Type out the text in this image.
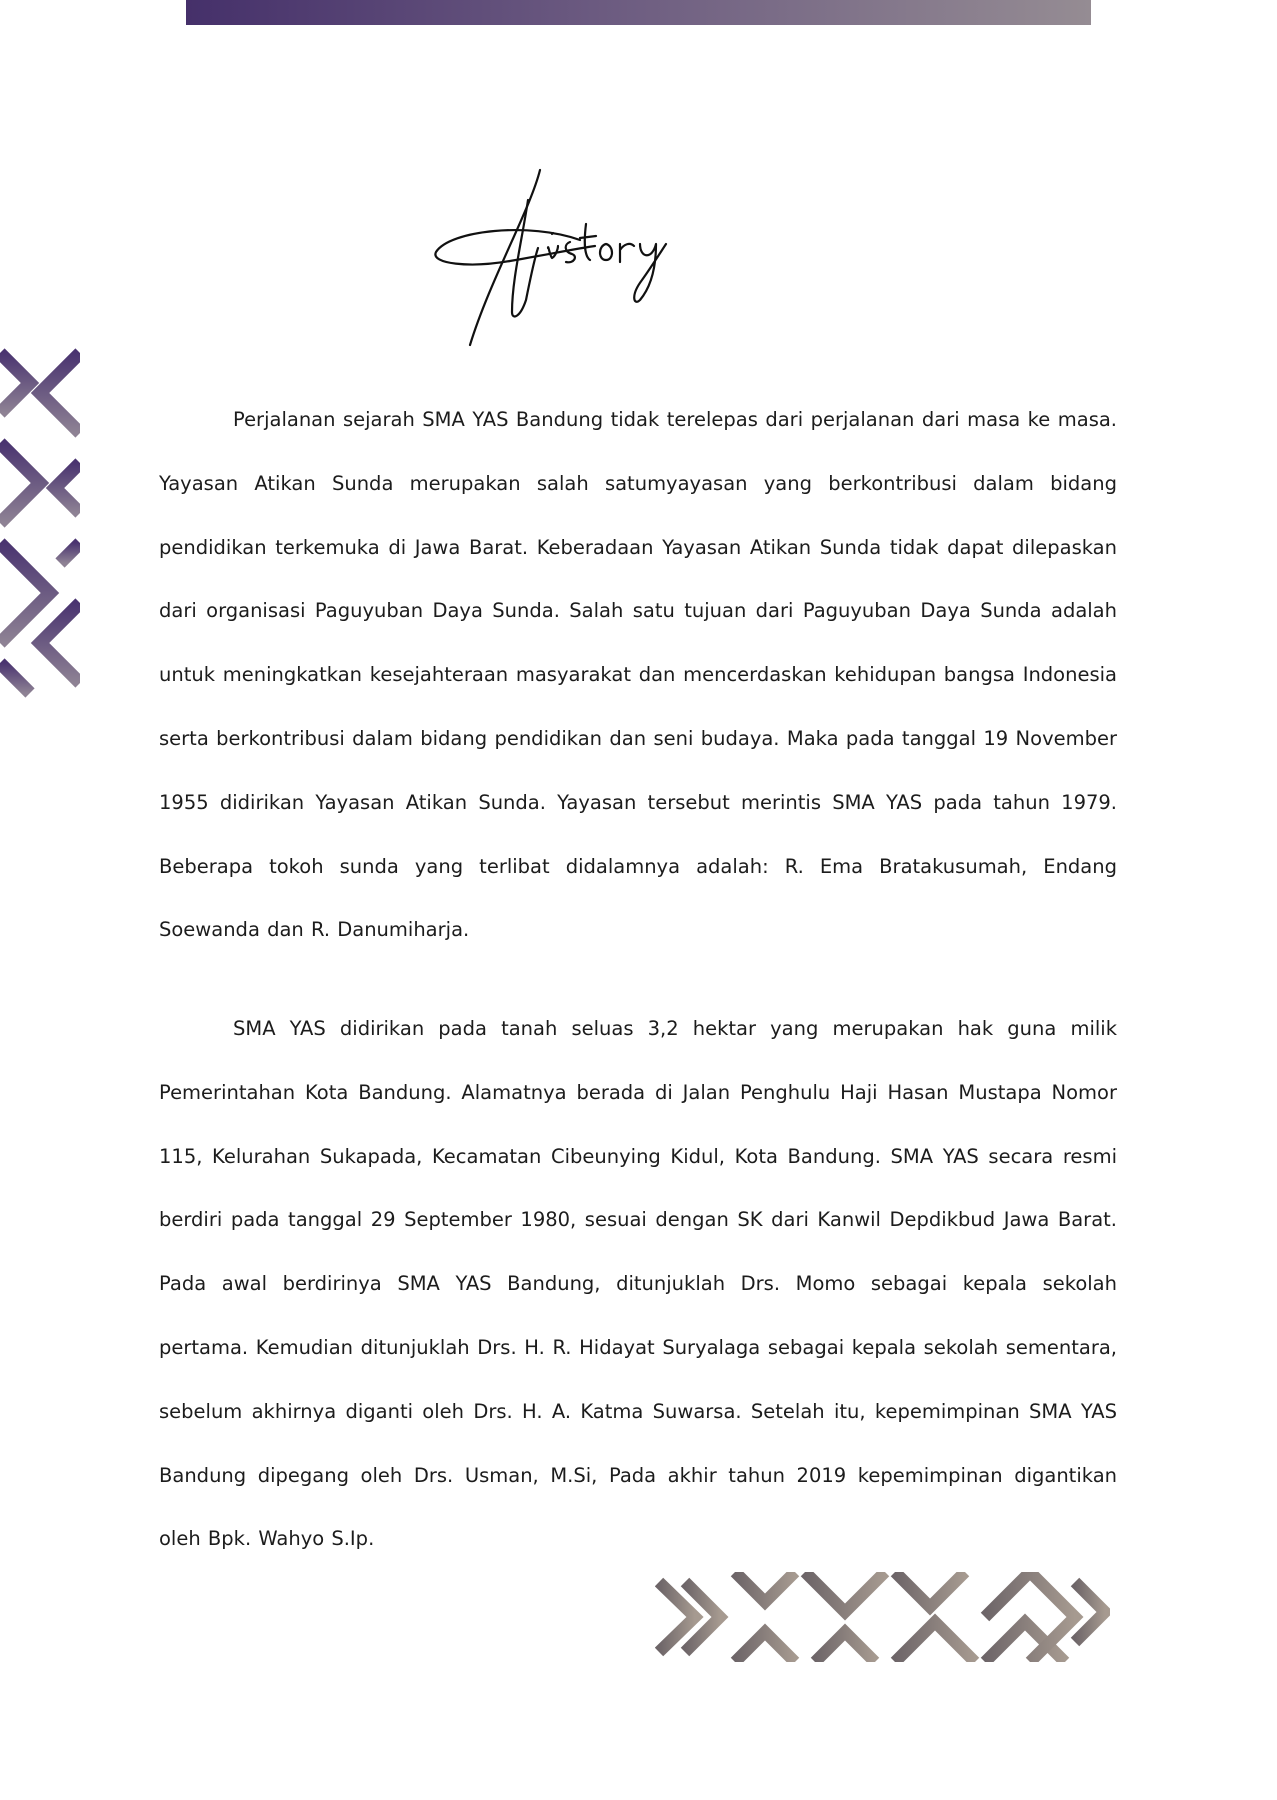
Perjalanan sejarah SMA YAS Bandung tidak terelepas dari perjalanan dari masa ke masa. Yayasan Atikan Sunda merupakan salah satumyayasan yang berkontribusi dalam bidang pendidikan terkemuka di Jawa Barat. Keberadaan Yayasan Atikan Sunda tidak dapat dilepaskan dari organisasi Paguyuban Daya Sunda. Salah satu tujuan dari Paguyuban Daya Sunda adalah untuk meningkatkan kesejahteraan masyarakat dan mencerdaskan kehidupan bangsa Indonesia serta berkontribusi dalam bidang pendidikan dan seni budaya. Maka pada tanggal 19 November 1955 didirikan Yayasan Atikan Sunda. Yayasan tersebut merintis SMA YAS pada tahun 1979. Beberapa tokoh sunda yang terlibat didalamnya adalah: R. Ema Bratakusumah, Endang Soewanda dan R. Danumiharja.

SMA YAS didirikan pada tanah seluas 3,2 hektar yang merupakan hak guna milik Pemerintahan Kota Bandung. Alamatnya berada di Jalan Penghulu Haji Hasan Mustapa Nomor 115, Kelurahan Sukapada, Kecamatan Cibeunying Kidul, Kota Bandung. SMA YAS secara resmi berdiri pada tanggal 29 September 1980, sesuai dengan SK dari Kanwil Depdikbud Jawa Barat. Pada awal berdirinya SMA YAS Bandung, ditunjuklah Drs. Momo sebagai kepala sekolah pertama. Kemudian ditunjuklah Drs. H. R. Hidayat Suryalaga sebagai kepala sekolah sementara, sebelum akhirnya diganti oleh Drs. H. A. Katma Suwarsa. Setelah itu, kepemimpinan SMA YAS Bandung dipegang oleh Drs. Usman, M.Si, Pada akhir tahun 2019 kepemimpinan digantikan oleh Bpk. Wahyo S.Ip.
